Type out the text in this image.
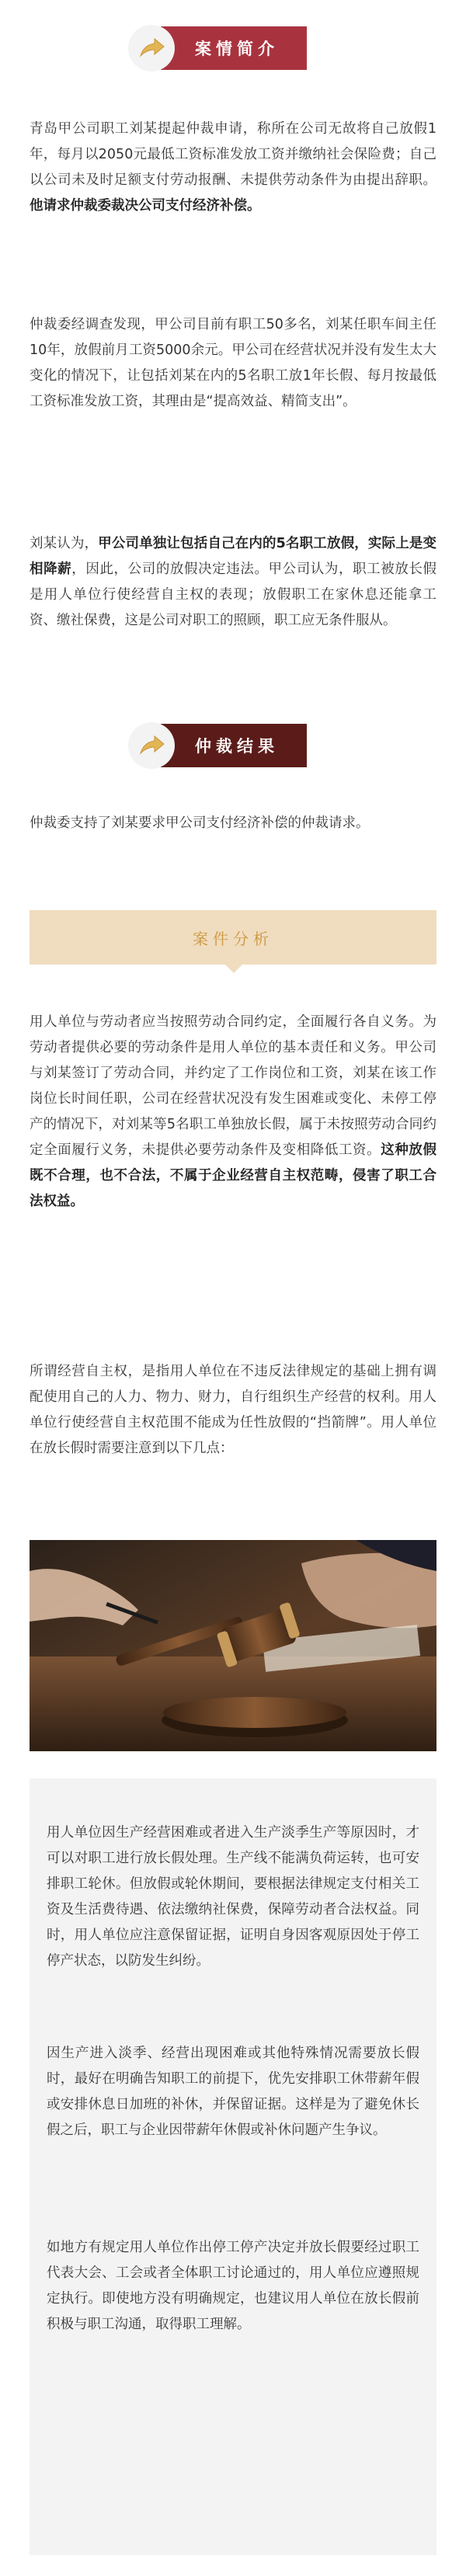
案情简介

青岛甲公司职工刘某提起仲裁申请，称所在公司无故将自己放假1年，每月以2050元最低工资标准发放工资并缴纳社会保险费；自己以公司未及时足额支付劳动报酬、未提供劳动条件为由提出辞职。他请求仲裁委裁决公司支付经济补偿。

仲裁委经调查发现，甲公司目前有职工50多名，刘某任职车间主任10年，放假前月工资5000余元。甲公司在经营状况并没有发生太大变化的情况下，让包括刘某在内的5名职工放1年长假、每月按最低工资标准发放工资，其理由是“提高效益、精简支出”。

刘某认为，甲公司单独让包括自己在内的5名职工放假，实际上是变相降薪，因此，公司的放假决定违法。甲公司认为，职工被放长假是用人单位行使经营自主权的表现；放假职工在家休息还能拿工资、缴社保费，这是公司对职工的照顾，职工应无条件服从。

仲裁结果

仲裁委支持了刘某要求甲公司支付经济补偿的仲裁请求。

案件分析

用人单位与劳动者应当按照劳动合同约定，全面履行各自义务。为劳动者提供必要的劳动条件是用人单位的基本责任和义务。甲公司与刘某签订了劳动合同，并约定了工作岗位和工资，刘某在该工作岗位长时间任职，公司在经营状况没有发生困难或变化、未停工停产的情况下，对刘某等5名职工单独放长假，属于未按照劳动合同约定全面履行义务，未提供必要劳动条件及变相降低工资。这种放假既不合理，也不合法，不属于企业经营自主权范畴，侵害了职工合法权益。

所谓经营自主权，是指用人单位在不违反法律规定的基础上拥有调配使用自己的人力、物力、财力，自行组织生产经营的权利。用人单位行使经营自主权范围不能成为任性放假的“挡箭牌”。用人单位在放长假时需要注意到以下几点：

用人单位因生产经营困难或者进入生产淡季生产等原因时，才可以对职工进行放长假处理。生产线不能满负荷运转，也可安排职工轮休。但放假或轮休期间，要根据法律规定支付相关工资及生活费待遇、依法缴纳社保费，保障劳动者合法权益。同时，用人单位应注意保留证据，证明自身因客观原因处于停工停产状态，以防发生纠纷。

因生产进入淡季、经营出现困难或其他特殊情况需要放长假时，最好在明确告知职工的前提下，优先安排职工休带薪年假或安排休息日加班的补休，并保留证据。这样是为了避免休长假之后，职工与企业因带薪年休假或补休问题产生争议。

如地方有规定用人单位作出停工停产决定并放长假要经过职工代表大会、工会或者全体职工讨论通过的，用人单位应遵照规定执行。即使地方没有明确规定，也建议用人单位在放长假前积极与职工沟通，取得职工理解。
